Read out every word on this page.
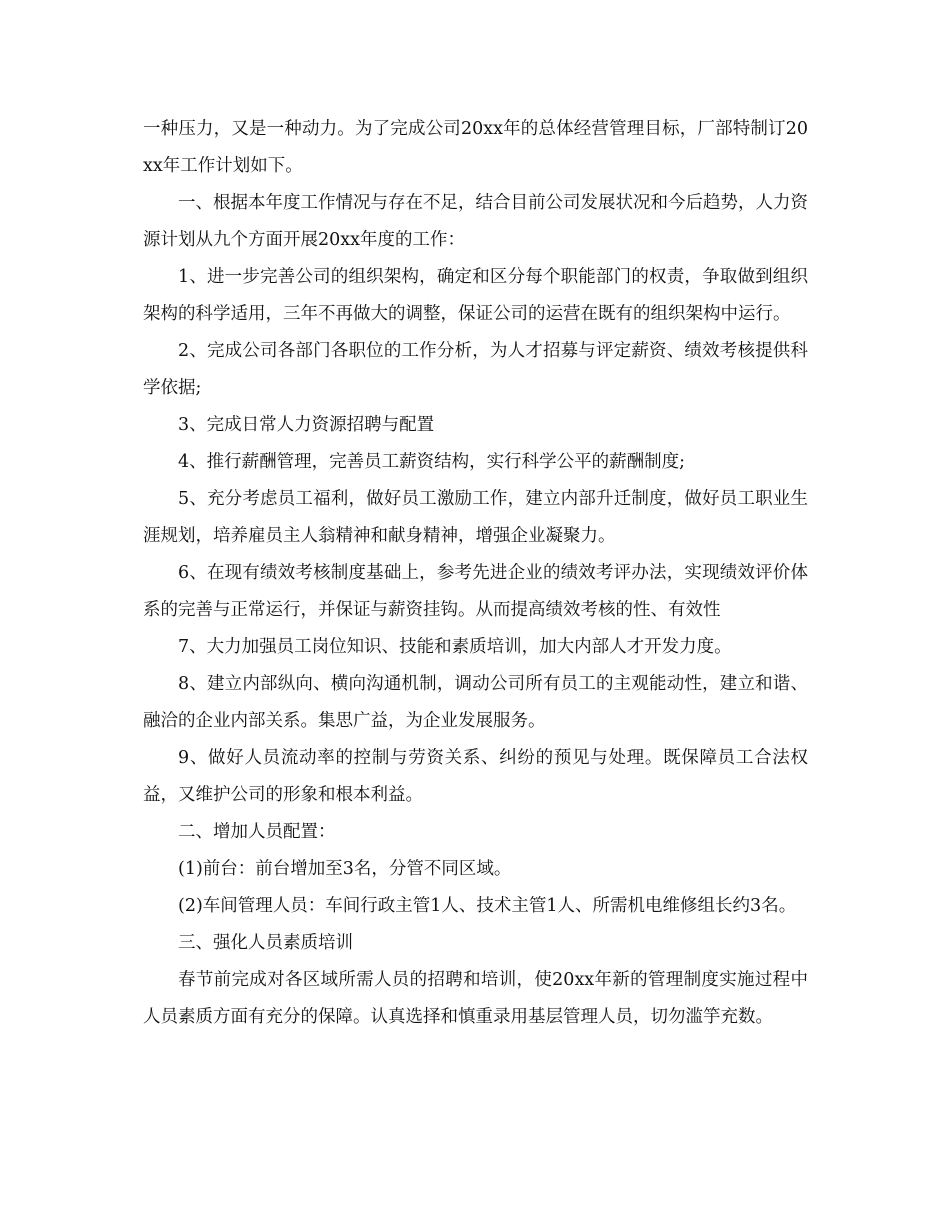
一种压力，又是一种动力。为了完成公司20xx年的总体经营管理目标，厂部特制订20xx年工作计划如下。

一、根据本年度工作情况与存在不足，结合目前公司发展状况和今后趋势，人力资源计划从九个方面开展20xx年度的工作：

1、进一步完善公司的组织架构，确定和区分每个职能部门的权责，争取做到组织架构的科学适用，三年不再做大的调整，保证公司的运营在既有的组织架构中运行。

2、完成公司各部门各职位的工作分析，为人才招募与评定薪资、绩效考核提供科学依据;

3、完成日常人力资源招聘与配置

4、推行薪酬管理，完善员工薪资结构，实行科学公平的薪酬制度;

5、充分考虑员工福利，做好员工激励工作，建立内部升迁制度，做好员工职业生涯规划，培养雇员主人翁精神和献身精神，增强企业凝聚力。

6、在现有绩效考核制度基础上，参考先进企业的绩效考评办法，实现绩效评价体系的完善与正常运行，并保证与薪资挂钩。从而提高绩效考核的性、有效性

7、大力加强员工岗位知识、技能和素质培训，加大内部人才开发力度。

8、建立内部纵向、横向沟通机制，调动公司所有员工的主观能动性，建立和谐、融洽的企业内部关系。集思广益，为企业发展服务。

9、做好人员流动率的控制与劳资关系、纠纷的预见与处理。既保障员工合法权益，又维护公司的形象和根本利益。

二、增加人员配置：

(1)前台：前台增加至3名，分管不同区域。

(2)车间管理人员：车间行政主管1人、技术主管1人、所需机电维修组长约3名。

三、强化人员素质培训

春节前完成对各区域所需人员的招聘和培训，使20xx年新的管理制度实施过程中人员素质方面有充分的保障。认真选择和慎重录用基层管理人员，切勿滥竽充数。
